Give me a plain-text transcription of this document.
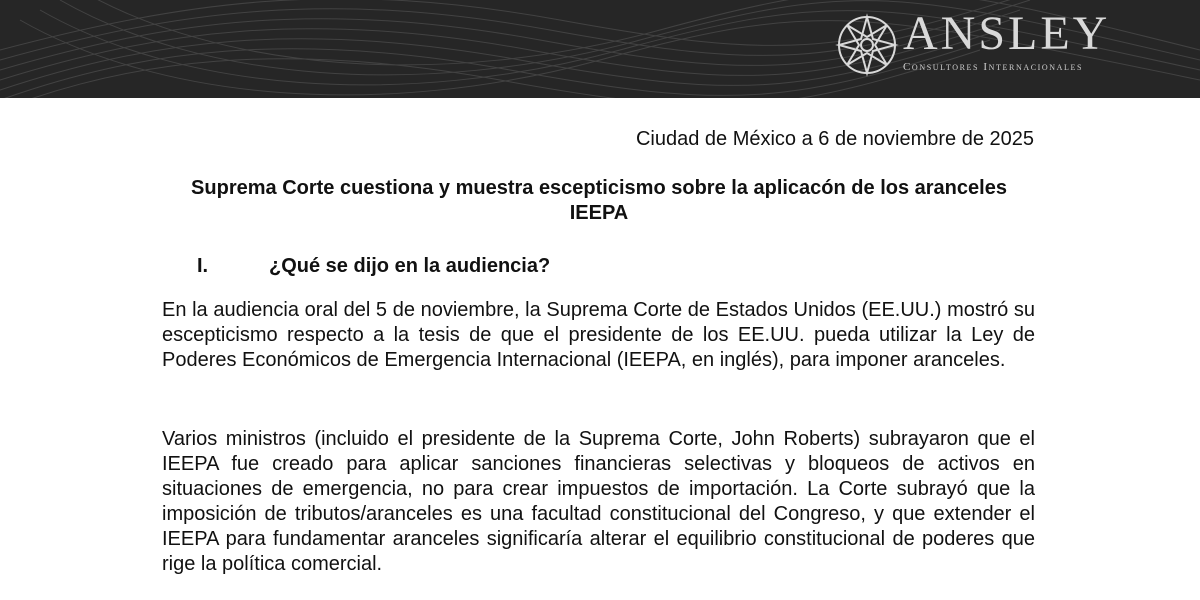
ANSLEY
Consultores Internacionales
Ciudad de México a 6 de noviembre de 2025
Suprema Corte cuestiona y muestra escepticismo sobre la aplicacón de los aranceles IEEPA
I.	¿Qué se dijo en la audiencia?

En la audiencia oral del 5 de noviembre, la Suprema Corte de Estados Unidos (EE.UU.) mostró su escepticismo respecto a la tesis de que el presidente de los EE.UU. pueda utilizar la Ley de Poderes Económicos de Emergencia Internacional (IEEPA, en inglés), para imponer aranceles.

Varios ministros (incluido el presidente de la Suprema Corte, John Roberts) subrayaron que el IEEPA fue creado para aplicar sanciones financieras selectivas y bloqueos de activos en situaciones de emergencia, no para crear impuestos de importación. La Corte subrayó que la imposición de tributos/aranceles es una facultad constitucional del Congreso, y que extender el IEEPA para fundamentar aranceles significaría alterar el equilibrio constitucional de poderes que rige la política comercial.
